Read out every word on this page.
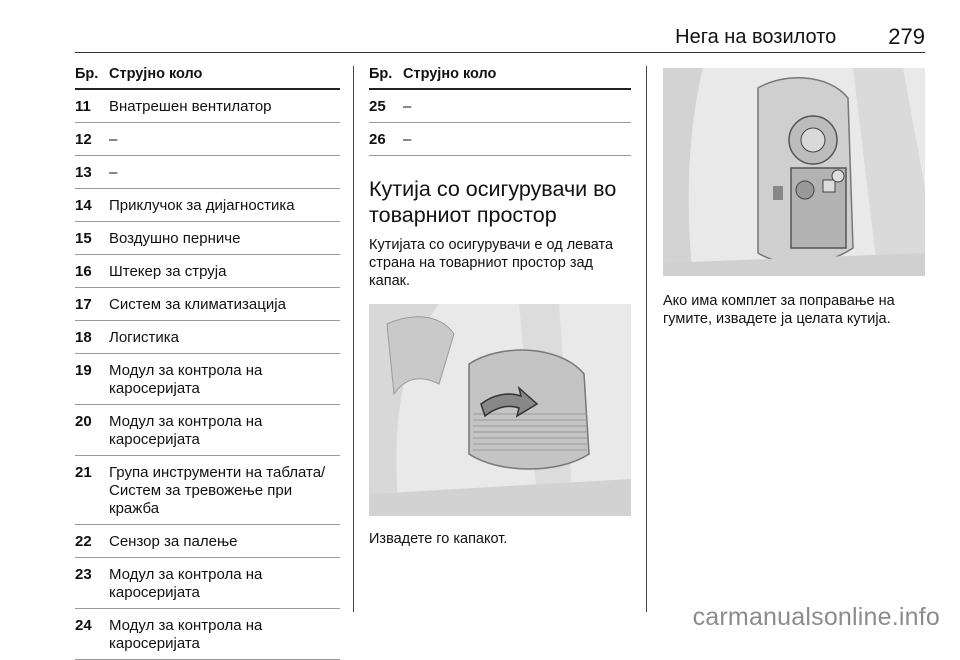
Нега на возилото 279
Бр. Струјно коло
11	Внатрешен вентилатор
12	–
13	–
14	Приклучок за дијагностика
15	Воздушно перниче
16	Штекер за струја
17	Систем за климатизација
18	Логистика
19	Модул за контрола на каросеријата
20	Модул за контрола на каросеријата
21	Група инструменти на таблата/Систем за тревожење при кражба
22	Сензор за палење
23	Модул за контрола на каросеријата
24	Модул за контрола на каросеријата
Бр. Струјно коло
25	–
26	–
Кутија со осигурувачи во товарниот простор
Кутијата со осигурувачи е од левата страна на товарниот простор зад капак.
Извадете го капакот.
Ако има комплет за поправање на гумите, извадете ја целата кутија.
carmanualsonline.info
